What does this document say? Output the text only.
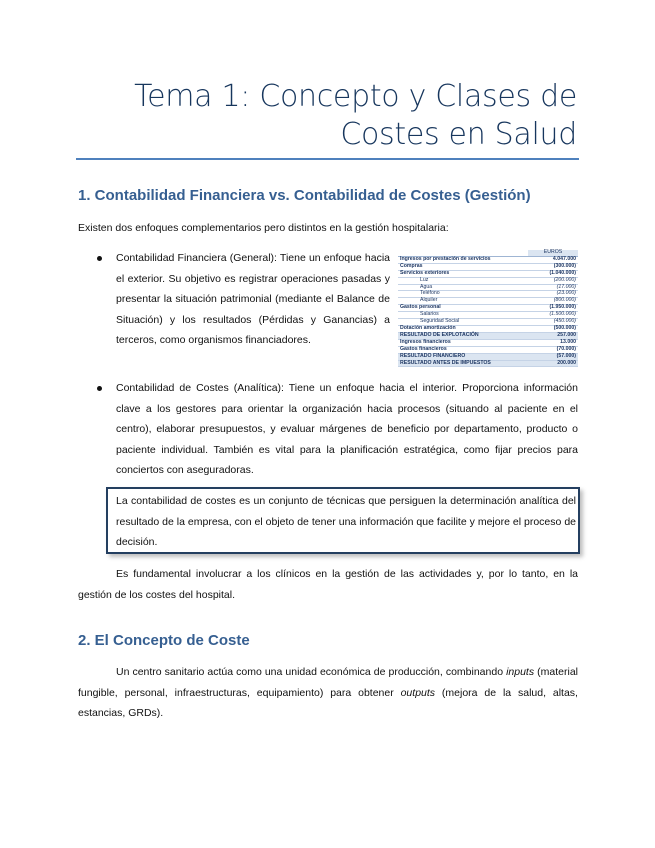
Tema 1: Concepto y Clases de
Costes en Salud
1. Contabilidad Financiera vs. Contabilidad de Costes (Gestión)
Existen dos enfoques complementarios pero distintos en la gestión hospitalaria:
Contabilidad Financiera (General): Tiene un enfoque hacia el exterior. Su objetivo es registrar operaciones pasadas y presentar la situación patrimonial (mediante el Balance de Situación) y los resultados (Pérdidas y Ganancias) a terceros, como organismos financiadores.
	EUROS
Ingresos por prestación de servicios	4.047.000
Compras	(300.000)
Servicios exteriores	(1.040.000)
Luz	(200.000)
Agua	(17.000)
Teléfono	(23.000)
Alquiler	(800.000)
Gastos personal	(1.950.000)
Salarios	(1.500.000)
Seguridad Social	(450.000)
Dotación amortización	(500.000)
RESULTADO DE EXPLOTACIÓN	257.000
Ingresos financieros	13.000
Gastos financieros	(70.000)
RESULTADO FINANCIERO	(57.000)
RESULTADO ANTES DE IMPUESTOS	200.000
Contabilidad de Costes (Analítica): Tiene un enfoque hacia el interior. Proporciona información clave a los gestores para orientar la organización hacia procesos (situando al paciente en el centro), elaborar presupuestos, y evaluar márgenes de beneficio por departamento, producto o paciente individual. También es vital para la planificación estratégica, como fijar precios para conciertos con aseguradoras.
La contabilidad de costes es un conjunto de técnicas que persiguen la determinación analítica del resultado de la empresa, con el objeto de tener una información que facilite y mejore el proceso de decisión.
Es fundamental involucrar a los clínicos en la gestión de las actividades y, por lo tanto, en la gestión de los costes del hospital.
2. El Concepto de Coste
Un centro sanitario actúa como una unidad económica de producción, combinando inputs (material fungible, personal, infraestructuras, equipamiento) para obtener outputs (mejora de la salud, altas, estancias, GRDs).
